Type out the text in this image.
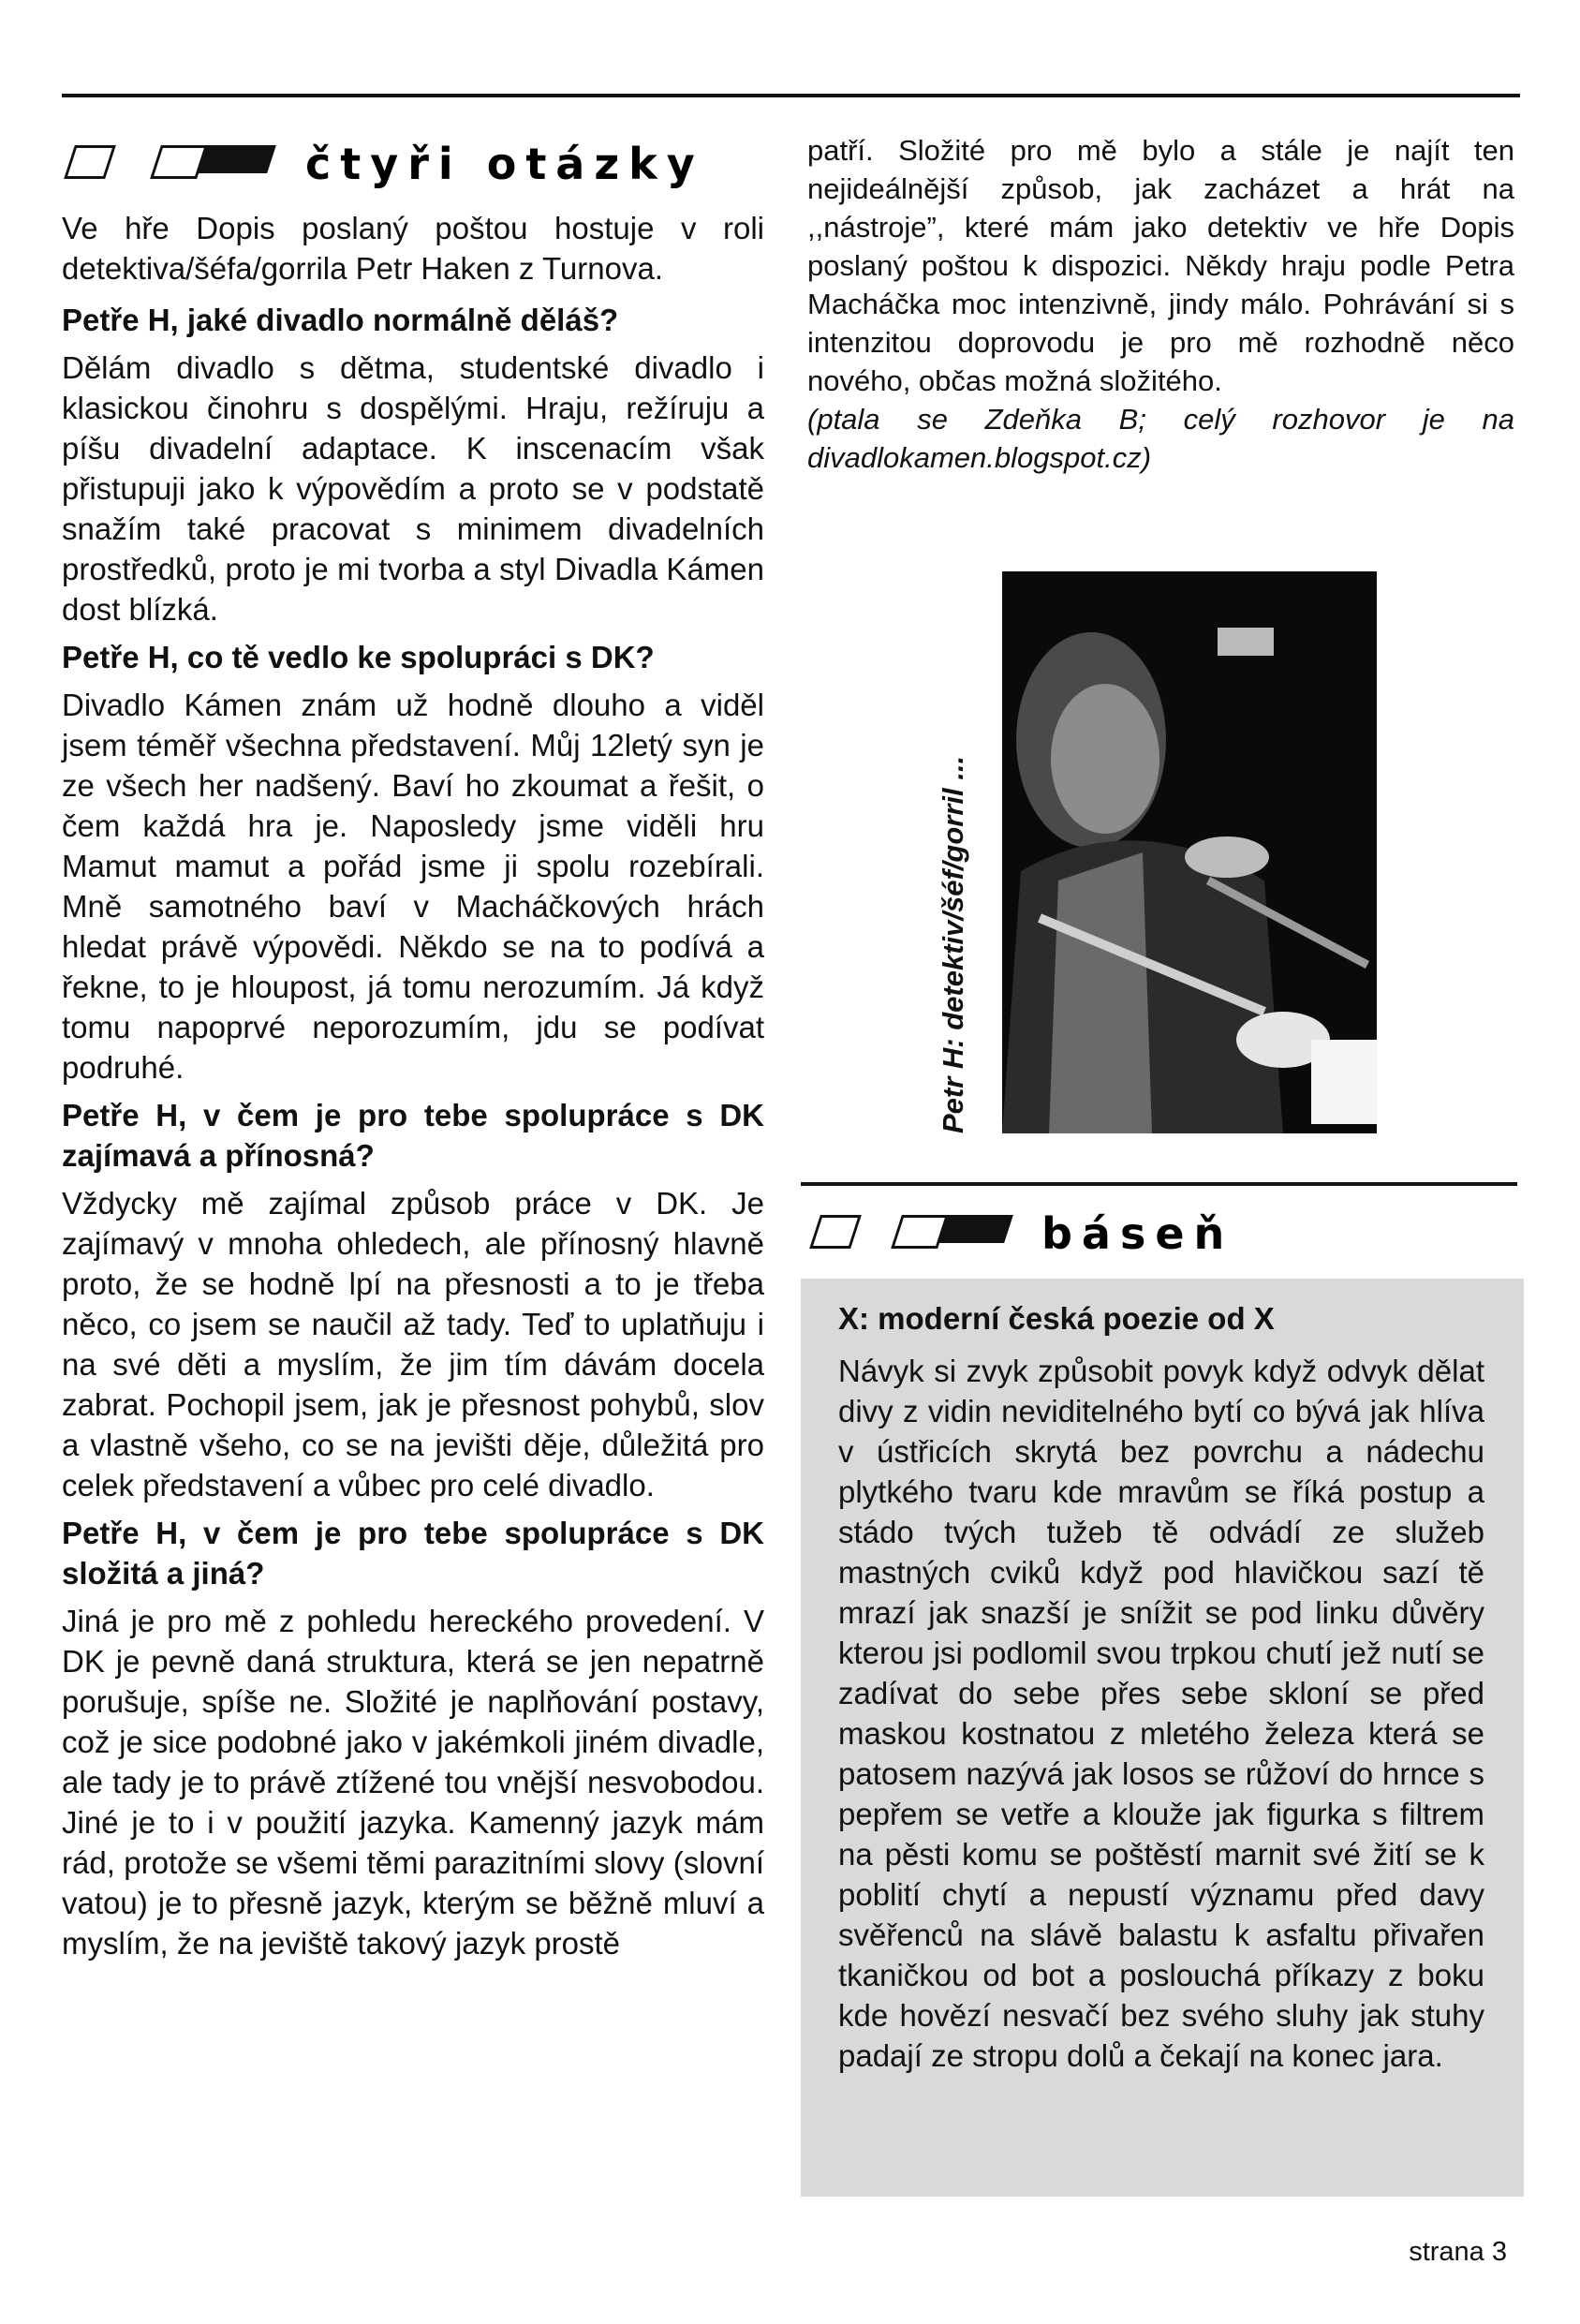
čtyři otázky

Ve hře Dopis poslaný poštou hostuje v roli detektiva/šéfa/gorrila Petr Haken z Turnova.

Petře H, jaké divadlo normálně děláš?

Dělám divadlo s dětma, studentské divadlo i klasickou činohru s dospělými. Hraju, režíruju a píšu divadelní adaptace. K inscenacím však přistupuji jako k výpovědím a proto se v podstatě snažím také pracovat s minimem divadelních prostředků, proto je mi tvorba a styl Divadla Kámen dost blízká.

Petře H, co tě vedlo ke spolupráci s DK?

Divadlo Kámen znám už hodně dlouho a viděl jsem téměř všechna představení. Můj 12letý syn je ze všech her nadšený. Baví ho zkoumat a řešit, o čem každá hra je. Naposledy jsme viděli hru Mamut mamut a pořád jsme ji spolu rozebírali. Mně samotného baví v Macháčkových hrách hledat právě výpovědi. Někdo se na to podívá a řekne, to je hloupost, já tomu nerozumím. Já když tomu napoprvé neporozumím, jdu se podívat podruhé.

Petře H, v čem je pro tebe spolupráce s DK zajímavá a přínosná?

Vždycky mě zajímal způsob práce v DK. Je zajímavý v mnoha ohledech, ale přínosný hlavně proto, že se hodně lpí na přesnosti a to je třeba něco, co jsem se naučil až tady. Teď to uplatňuju i na své děti a myslím, že jim tím dávám docela zabrat. Pochopil jsem, jak je přesnost pohybů, slov a vlastně všeho, co se na jevišti děje, důležitá pro celek představení a vůbec pro celé divadlo.

Petře H, v čem je pro tebe spolupráce s DK složitá a jiná?

Jiná je pro mě z pohledu hereckého provedení. V DK je pevně daná struktura, která se jen nepatrně porušuje, spíše ne. Složité je naplňování postavy, což je sice podobné jako v jakémkoli jiném divadle, ale tady je to právě ztížené tou vnější nesvobodou. Jiné je to i v použití jazyka. Kamenný jazyk mám rád, protože se všemi těmi parazitními slovy (slovní vatou) je to přesně jazyk, kterým se běžně mluví a myslím, že na jeviště takový jazyk prostě

patří. Složité pro mě bylo a stále je najít ten nejideálnější způsob, jak zacházet a hrát na ,,nástroje”, které mám jako detektiv ve hře Dopis poslaný poštou k dispozici. Někdy hraju podle Petra Macháčka moc intenzivně, jindy málo. Pohrávání si s intenzitou doprovodu je pro mě rozhodně něco nového, občas možná složitého.

(ptala se Zdeňka B; celý rozhovor je na divadlokamen.blogspot.cz)

Petr H: detektiv/šéf/gorril ...
báseň

X: moderní česká poezie od X

Návyk si zvyk způsobit povyk když odvyk dělat divy z vidin neviditelného bytí co bývá jak hlíva v ústřicích skrytá bez povrchu a nádechu plytkého tvaru kde mravům se říká postup a stádo tvých tužeb tě odvádí ze služeb mastných cviků když pod hlavičkou sazí tě mrazí jak snazší je snížit se pod linku důvěry kterou jsi podlomil svou trpkou chutí jež nutí se zadívat do sebe přes sebe skloní se před maskou kostnatou z mletého železa která se patosem nazývá jak losos se růžoví do hrnce s pepřem se vetře a klouže jak figurka s filtrem na pěsti komu se poštěstí marnit své žití se k poblití chytí a nepustí významu před davy svěřenců na slávě balastu k asfaltu přivařen tkaničkou od bot a poslouchá příkazy z boku kde hovězí nesvačí bez svého sluhy jak stuhy padají ze stropu dolů a čekají na konec jara.

strana 3
